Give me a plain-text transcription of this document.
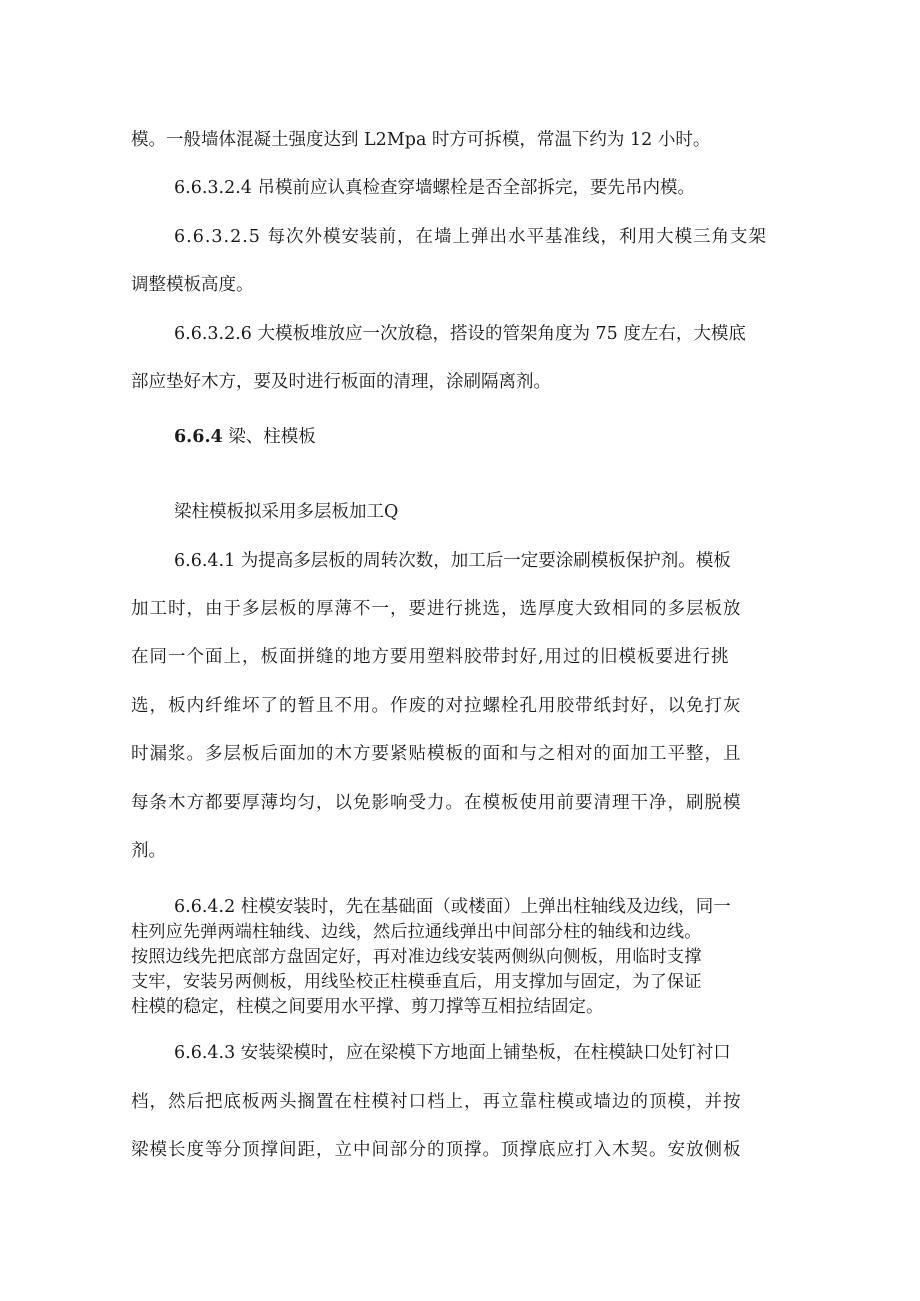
模。一般墙体混凝土强度达到 L2Mpa 时方可拆模，常温下约为 12 小时。
6.6.3.2.4 吊模前应认真检查穿墙螺栓是否全部拆完，要先吊内模。
6.6.3.2.5 每次外模安装前，在墙上弹出水平基准线，利用大模三角支架
调整模板高度。
6.6.3.2.6 大模板堆放应一次放稳，搭设的管架角度为 75 度左右，大模底
部应垫好木方，要及时进行板面的清理，涂刷隔离剂。
6.6.4 梁、柱模板
梁柱模板拟采用多层板加工Q
6.6.4.1 为提高多层板的周转次数，加工后一定要涂刷模板保护剂。模板
加工时，由于多层板的厚薄不一，要进行挑选，选厚度大致相同的多层板放
在同一个面上，板面拼缝的地方要用塑料胶带封好,用过的旧模板要进行挑
选，板内纤维坏了的暂且不用。作废的对拉螺栓孔用胶带纸封好，以免打灰
时漏浆。多层板后面加的木方要紧贴模板的面和与之相对的面加工平整，且
每条木方都要厚薄均匀，以免影响受力。在模板使用前要清理干净，刷脱模
剂。
6.6.4.2 柱模安装时，先在基础面（或楼面）上弹出柱轴线及边线，同一
柱列应先弹两端柱轴线、边线，然后拉通线弹出中间部分柱的轴线和边线。
按照边线先把底部方盘固定好，再对准边线安装两侧纵向侧板，用临时支撑
支牢，安装另两侧板，用线坠校正柱模垂直后，用支撑加与固定，为了保证
柱模的稳定，柱模之间要用水平撑、剪刀撑等互相拉结固定。
6.6.4.3 安装梁模时，应在梁模下方地面上铺垫板，在柱模缺口处钉衬口
档，然后把底板两头搁置在柱模衬口档上，再立靠柱模或墙边的顶模，并按
梁模长度等分顶撑间距，立中间部分的顶撑。顶撑底应打入木契。安放侧板
